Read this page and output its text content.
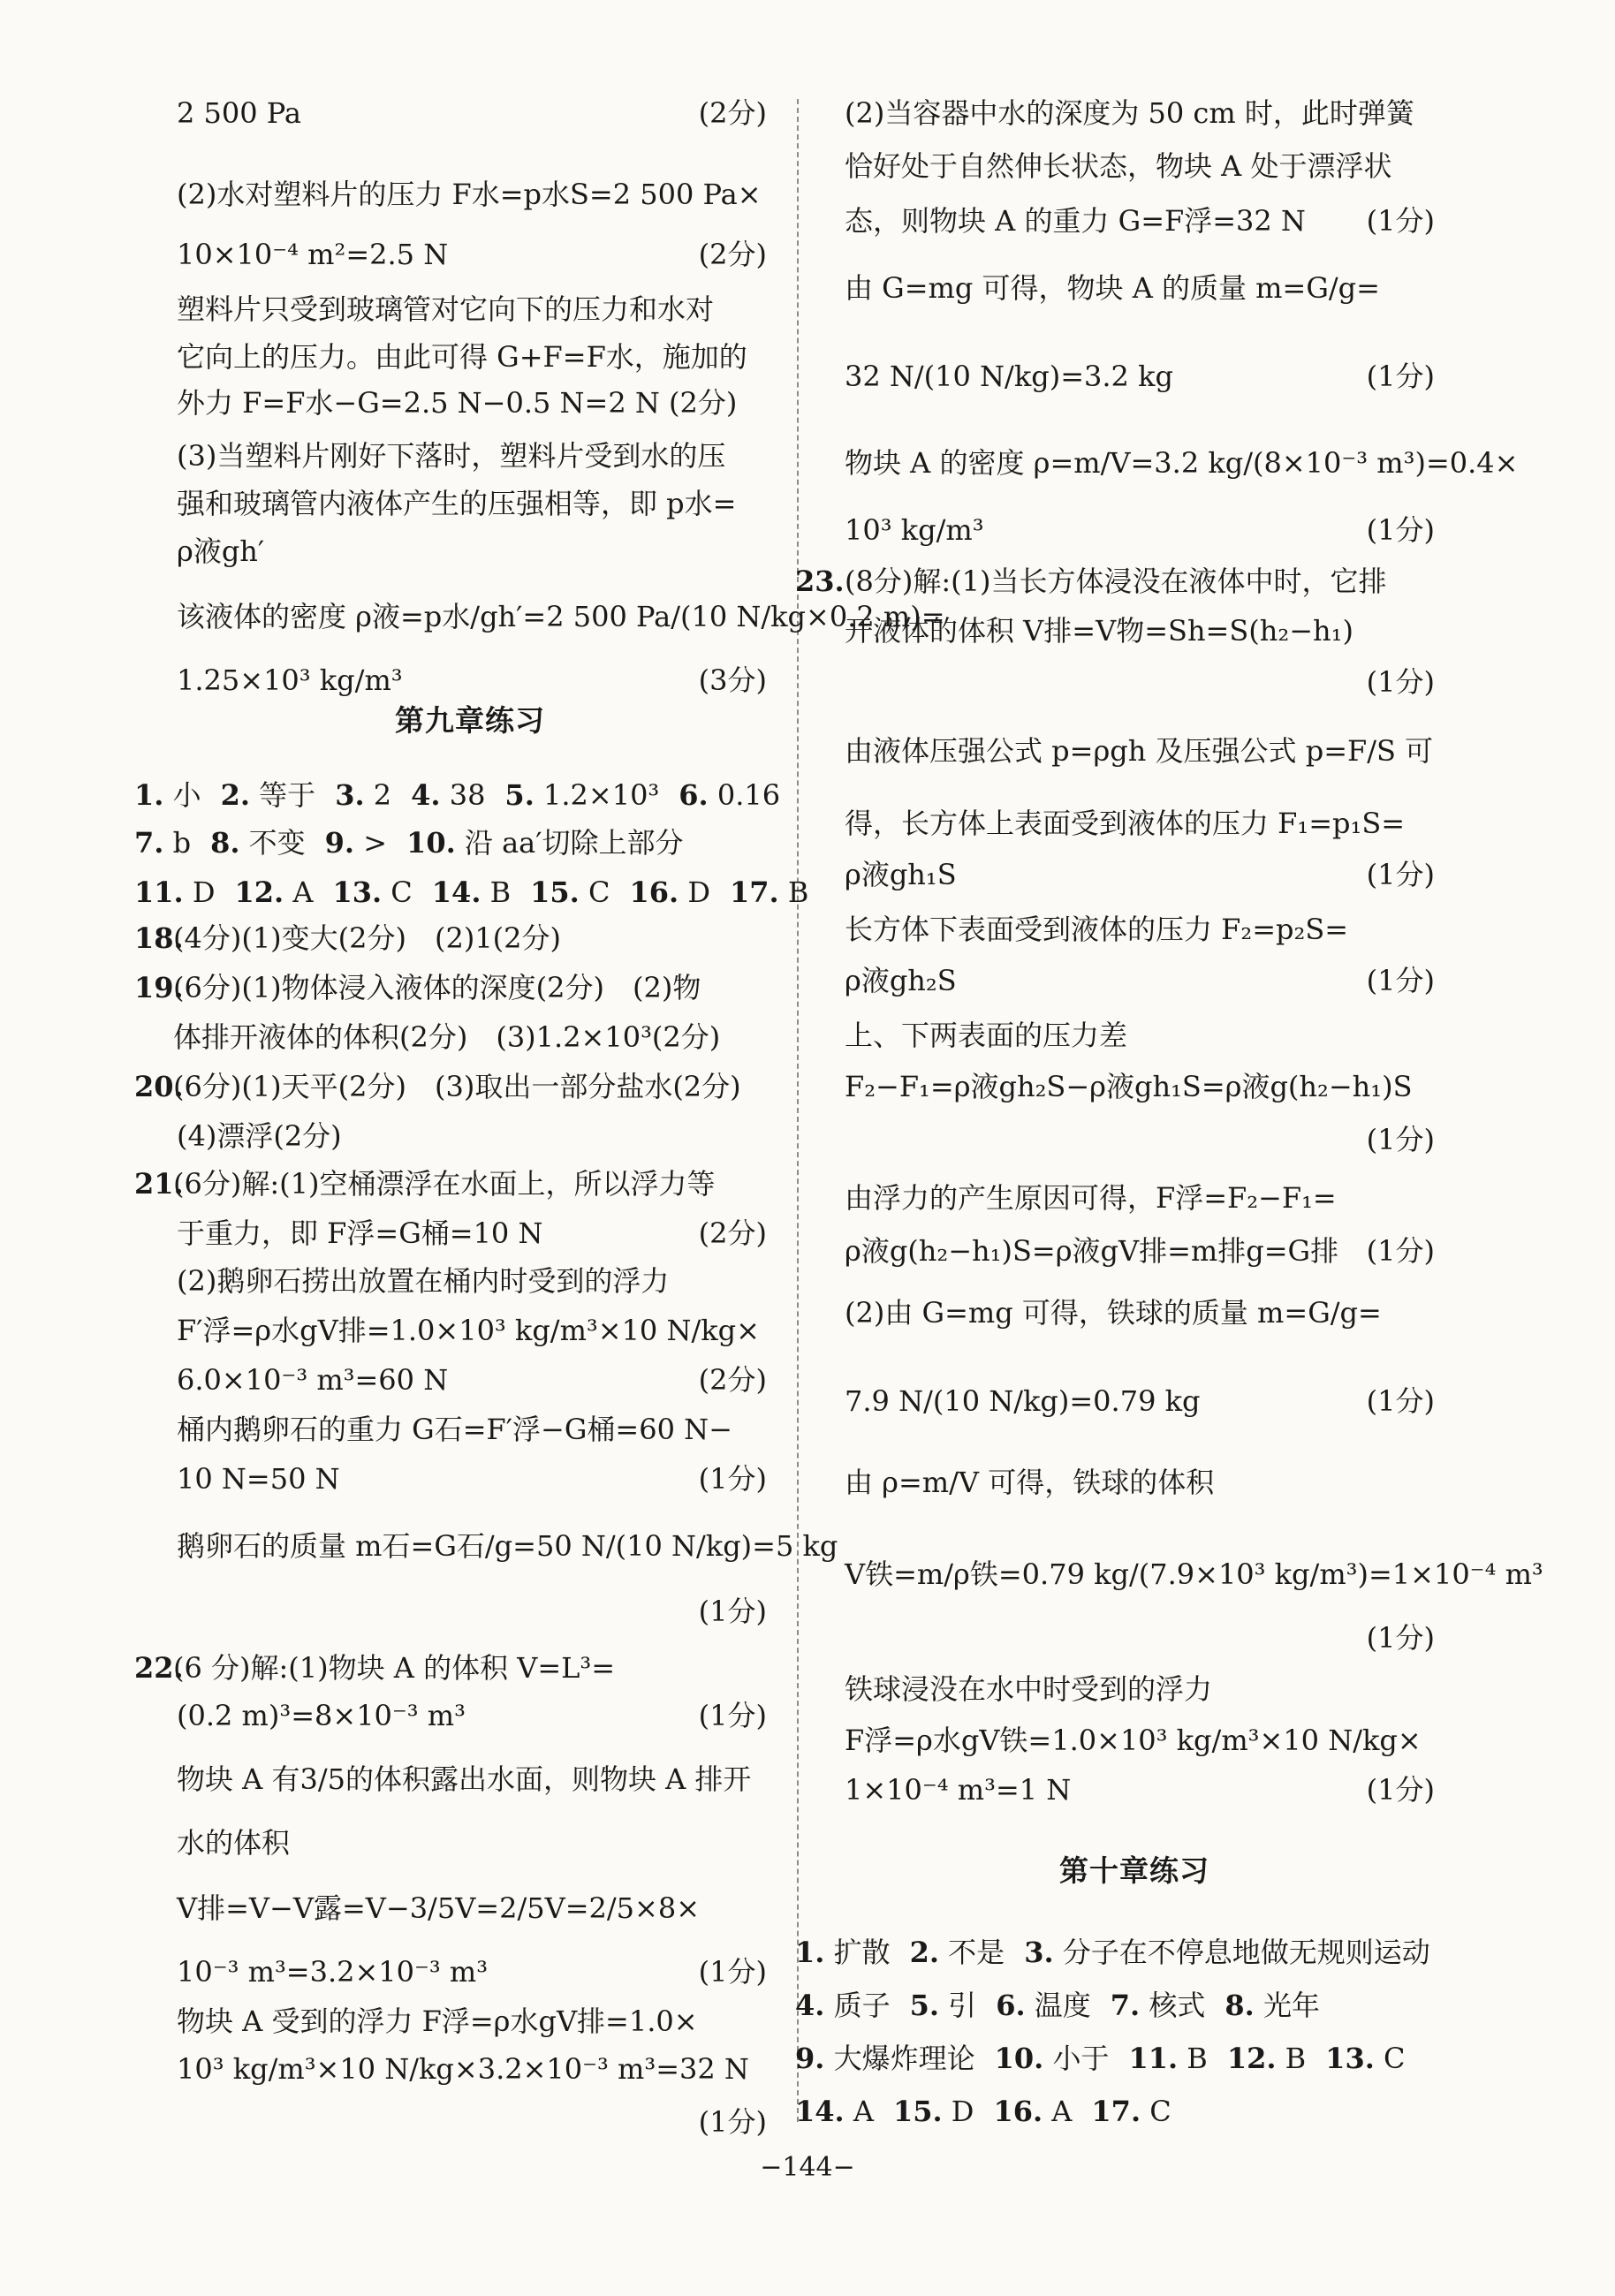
2 500 Pa	(2分)
(2)水对塑料片的压力 F水=p水S=2 500 Pa×
10×10⁻⁴ m²=2.5 N	(2分)
塑料片只受到玻璃管对它向下的压力和水对
它向上的压力。由此可得 G+F=F水，施加的
外力 F=F水−G=2.5 N−0.5 N=2 N (2分)
(3)当塑料片刚好下落时，塑料片受到水的压
强和玻璃管内液体产生的压强相等，即 p水=
ρ液gh′
该液体的密度 ρ液=p水/gh′=2 500 Pa/(10 N/kg×0.2 m)=
1.25×10³ kg/m³	(3分)
第九章练习
1. 小 2. 等于 3. 2 4. 38 5. 1.2×10³ 6. 0.16
7. b 8. 不变 9. > 10. 沿 aa′切除上部分
11. D 12. A 13. C 14. B 15. C 16. D 17. B
18.
(4分)(1)变大(2分)　(2)1(2分)
19.
(6分)(1)物体浸入液体的深度(2分)　(2)物
体排开液体的体积(2分)　(3)1.2×10³(2分)
20.
(6分)(1)天平(2分)　(3)取出一部分盐水(2分)
(4)漂浮(2分)
21.
(6分)解:(1)空桶漂浮在水面上，所以浮力等
于重力，即 F浮=G桶=10 N	(2分)
(2)鹅卵石捞出放置在桶内时受到的浮力
F′浮=ρ水gV排=1.0×10³ kg/m³×10 N/kg×
6.0×10⁻³ m³=60 N	(2分)
桶内鹅卵石的重力 G石=F′浮−G桶=60 N−
10 N=50 N	(1分)
鹅卵石的质量 m石=G石/g=50 N/(10 N/kg)=5 kg
(1分)
22.
(6 分)解:(1)物块 A 的体积 V=L³=
(0.2 m)³=8×10⁻³ m³	(1分)
物块 A 有3/5的体积露出水面，则物块 A 排开
水的体积
V排=V−V露=V−3/5V=2/5V=2/5×8×
10⁻³ m³=3.2×10⁻³ m³	(1分)
物块 A 受到的浮力 F浮=ρ水gV排=1.0×
10³ kg/m³×10 N/kg×3.2×10⁻³ m³=32 N
(1分)
(2)当容器中水的深度为 50 cm 时，此时弹簧
恰好处于自然伸长状态，物块 A 处于漂浮状
态，则物块 A 的重力 G=F浮=32 N (1分)
由 G=mg 可得，物块 A 的质量 m=G/g=
32 N/(10 N/kg)=3.2 kg	(1分)
物块 A 的密度 ρ=m/V=3.2 kg/(8×10⁻³ m³)=0.4×
10³ kg/m³	(1分)
23. (8分)解:(1)当长方体浸没在液体中时，它排
开液体的体积 V排=V物=Sh=S(h₂−h₁)
(1分)
由液体压强公式 p=ρgh 及压强公式 p=F/S 可
得，长方体上表面受到液体的压力 F₁=p₁S=
ρ液gh₁S	(1分)
长方体下表面受到液体的压力 F₂=p₂S=
ρ液gh₂S	(1分)
上、下两表面的压力差
F₂−F₁=ρ液gh₂S−ρ液gh₁S=ρ液g(h₂−h₁)S
(1分)
由浮力的产生原因可得，F浮=F₂−F₁=
ρ液g(h₂−h₁)S=ρ液gV排=m排g=G排 (1分)
(2)由 G=mg 可得，铁球的质量 m=G/g=
7.9 N/(10 N/kg)=0.79 kg	(1分)
由 ρ=m/V 可得，铁球的体积
V铁=m/ρ铁=0.79 kg/(7.9×10³ kg/m³)=1×10⁻⁴ m³
(1分)
铁球浸没在水中时受到的浮力
F浮=ρ水gV铁=1.0×10³ kg/m³×10 N/kg×
1×10⁻⁴ m³=1 N	(1分)
第十章练习
1. 扩散 2. 不是 3. 分子在不停息地做无规则运动
4. 质子 5. 引 6. 温度 7. 核式 8. 光年
9. 大爆炸理论 10. 小于 11. B 12. B 13. C
14. A 15. D 16. A 17. C
−144−
